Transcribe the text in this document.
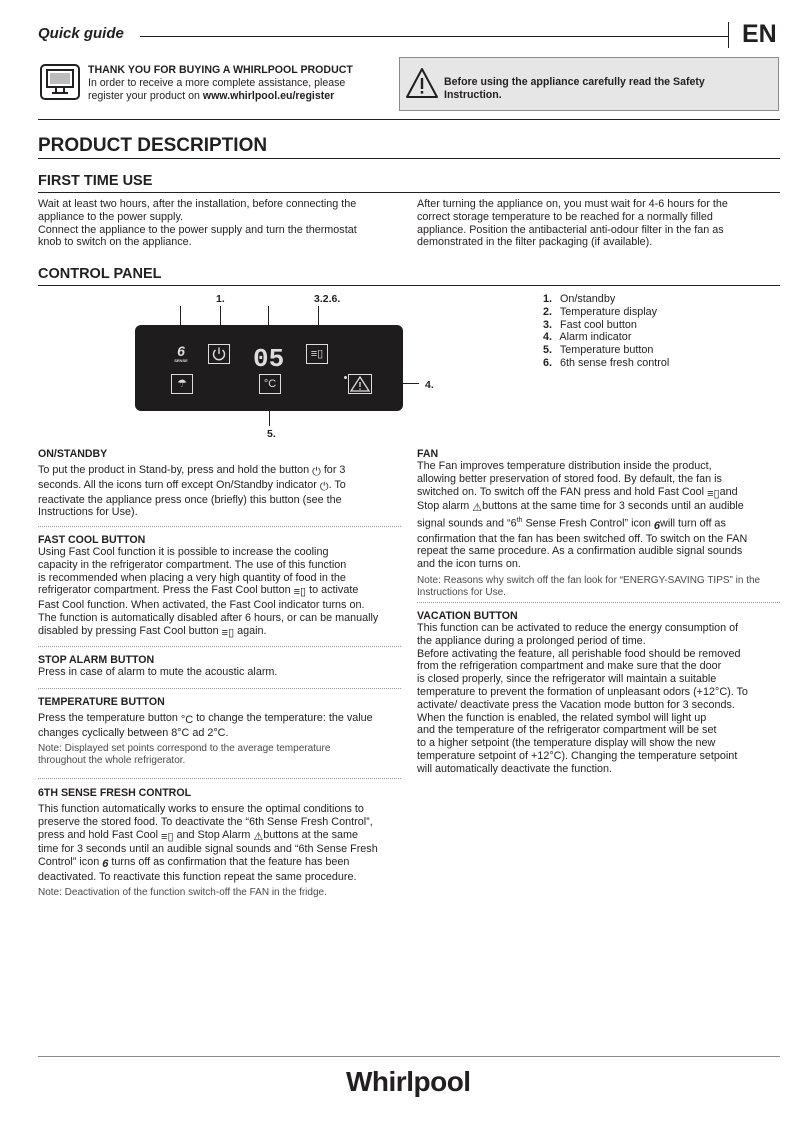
Quick guide	EN
THANK YOU FOR BUYING A WHIRLPOOL PRODUCT
In order to receive a more complete assistance, please
register your product on www.whirlpool.eu/register
Before using the appliance carefully read the Safety
Instruction.
PRODUCT DESCRIPTION
FIRST TIME USE
Wait at least two hours, after the installation, before connecting the
appliance to the power supply.
Connect the appliance to the power supply and turn the thermostat
knob to switch on the appliance.
After turning the appliance on, you must wait for 4-6 hours for the
correct storage temperature to be reached for a normally filled
appliance. Position the antibacterial anti-odour filter in the fan as
demonstrated in the filter packaging (if available).
CONTROL PANEL
1.	3.2.6.
4.
5.
6
SENSE	05	≡▯
☂	°C
1. On/standby
2. Temperature display
3. Fast cool button
4. Alarm indicator
5. Temperature button
6. 6th sense fresh control
ON/STANDBY
To put the product in Stand-by, press and hold the button ⏻ for 3
seconds. All the icons turn off except On/Standby indicator ⏻. To
reactivate the appliance press once (briefly) this button (see the
Instructions for Use).
FAST COOL BUTTON
Using Fast Cool function it is possible to increase the cooling
capacity in the refrigerator compartment. The use of this function
is recommended when placing a very high quantity of food in the
refrigerator compartment. Press the Fast Cool button ≡▯ to activate
Fast Cool function. When activated, the Fast Cool indicator turns on.
The function is automatically disabled after 6 hours, or can be manually
disabled by pressing Fast Cool button ≡▯ again.
STOP ALARM BUTTON
Press in case of alarm to mute the acoustic alarm.
TEMPERATURE BUTTON
Press the temperature button °C to change the temperature: the value
changes cyclically between 8°C ad 2°C.
Note: Displayed set points correspond to the average temperature
throughout the whole refrigerator.
6TH SENSE FRESH CONTROL
This function automatically works to ensure the optimal conditions to
preserve the stored food. To deactivate the “6th Sense Fresh Control”,
press and hold Fast Cool ≡▯ and Stop Alarm ⚠buttons at the same
time for 3 seconds until an audible signal sounds and “6th Sense Fresh
Control” icon 6 turns off as confirmation that the feature has been
deactivated. To reactivate this function repeat the same procedure.
Note: Deactivation of the function switch-off the FAN in the fridge.
FAN
The Fan improves temperature distribution inside the product,
allowing better preservation of stored food. By default, the fan is
switched on. To switch off the FAN press and hold Fast Cool ≡▯and
Stop alarm ⚠buttons at the same time for 3 seconds until an audible
signal sounds and “6th Sense Fresh Control” icon 6will turn off as
confirmation that the fan has been switched off. To switch on the FAN
repeat the same procedure. As a confirmation audible signal sounds
and the icon turns on.
Note: Reasons why switch off the fan look for “ENERGY-SAVING TIPS” in the
Instructions for Use.
VACATION BUTTON
This function can be activated to reduce the energy consumption of
the appliance during a prolonged period of time.
Before activating the feature, all perishable food should be removed
from the refrigeration compartment and make sure that the door
is closed properly, since the refrigerator will maintain a suitable
temperature to prevent the formation of unpleasant odors (+12°C). To
activate/ deactivate press the Vacation mode button for 3 seconds.
When the function is enabled, the related symbol will light up
and the temperature of the refrigerator compartment will be set
to a higher setpoint (the temperature display will show the new
temperature setpoint of +12°C). Changing the temperature setpoint
will automatically deactivate the function.
Whirlpool
